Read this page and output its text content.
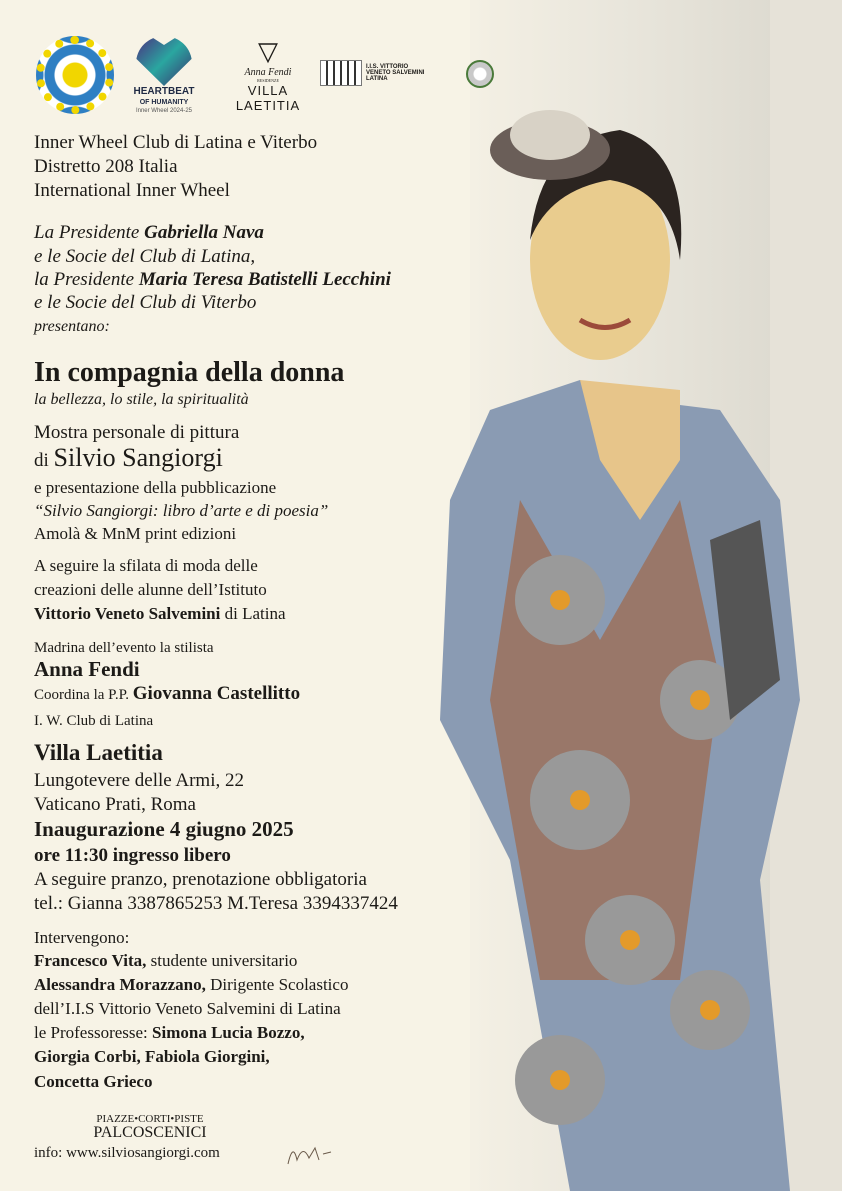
HEARTBEAT
OF HUMANITY
Inner Wheel 2024-25
▽
Anna Fendi
RESIDENZE
VILLA LAETITIA
I.I.S. VITTORIO VENETO SALVEMINI LATINA
Inner Wheel Club di Latina e Viterbo
Distretto 208 Italia
International Inner Wheel
La Presidente Gabriella Nava
e le Socie del Club di Latina,
la Presidente Maria Teresa Batistelli Lecchini
e le Socie del Club di Viterbo
presentano:
In compagnia della donna
la bellezza, lo stile, la spiritualità
Mostra personale di pittura
di Silvio Sangiorgi
e presentazione della pubblicazione
“Silvio Sangiorgi: libro d’arte e di poesia”
Amolà & MnM print edizioni
A seguire la sfilata di moda delle
creazioni delle alunne dell’Istituto
Vittorio Veneto Salvemini di Latina
Madrina dell’evento la stilista
Anna Fendi
Coordina la P.P. Giovanna Castellitto
I. W. Club di Latina
Villa Laetitia
Lungotevere delle Armi, 22
Vaticano Prati, Roma
Inaugurazione 4 giugno 2025
ore 11:30 ingresso libero
A seguire pranzo, prenotazione obbligatoria
tel.: Gianna 3387865253 M.Teresa 3394337424
Intervengono:
Francesco Vita, studente universitario
Alessandra Morazzano, Dirigente Scolastico
dell’I.I.S Vittorio Veneto Salvemini di Latina
le Professoresse: Simona Lucia Bozzo,
Giorgia Corbi, Fabiola Giorgini,
Concetta Grieco
PIAZZE•CORTI•PISTE
PALCOSCENICI
info: www.silviosangiorgi.com
